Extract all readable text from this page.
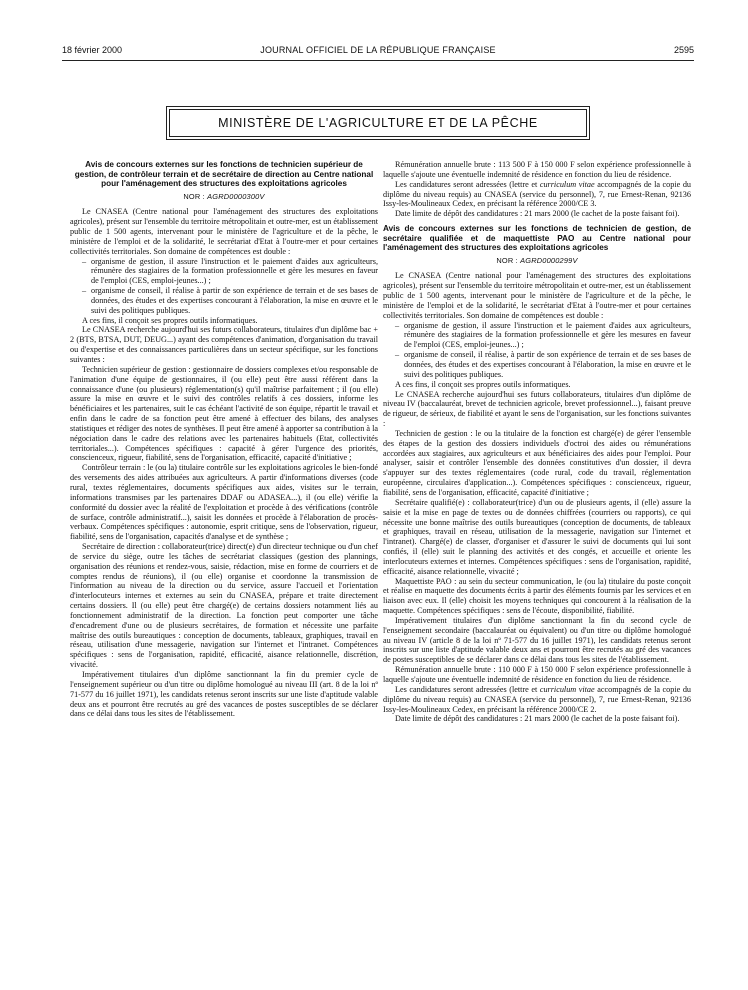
18 février 2000	JOURNAL OFFICIEL DE LA RÉPUBLIQUE FRANÇAISE	2595
MINISTÈRE DE L'AGRICULTURE ET DE LA PÊCHE
Avis de concours externes sur les fonctions de technicien supérieur de gestion, de contrôleur terrain et de secrétaire de direction au Centre national pour l'aménagement des structures des exploitations agricoles
NOR : AGRD0000300V

Le CNASEA (Centre national pour l'aménagement des structures des exploitations agricoles), présent sur l'ensemble du territoire métropolitain et outre-mer, est un établissement public de 1 500 agents, intervenant pour le ministère de l'agriculture et de la pêche, le ministère de l'emploi et de la solidarité, le secrétariat d'Etat à l'outre-mer et pour certaines collectivités territoriales. Son domaine de compétences est double :

– organisme de gestion, il assure l'instruction et le paiement d'aides aux agriculteurs, rémunère des stagiaires de la formation professionnelle et gère les mesures en faveur de l'emploi (CES, emploi-jeunes...) ;
– organisme de conseil, il réalise à partir de son expérience de terrain et de ses bases de données, des études et des expertises concourant à l'élaboration, la mise en œuvre et le suivi des politiques publiques.

A ces fins, il conçoit ses propres outils informatiques.

Le CNASEA recherche aujourd'hui ses futurs collaborateurs, titulaires d'un diplôme bac + 2 (BTS, BTSA, DUT, DEUG...) ayant des compétences d'animation, d'organisation du travail ou d'expertise et des connaissances particulières dans un secteur spécifique, sur les fonctions suivantes :

Technicien supérieur de gestion : gestionnaire de dossiers complexes et/ou responsable de l'animation d'une équipe de gestionnaires, il (ou elle) peut être aussi référent dans la connaissance d'une (ou plusieurs) réglementation(s) qu'il maîtrise parfaitement ; il (ou elle) assure la mise en œuvre et le suivi des contrôles relatifs à ces dossiers, informe les bénéficiaires et les partenaires, suit le cas échéant l'activité de son équipe, répartit le travail et enfin dans le cadre de sa fonction peut être amené à effectuer des bilans, des analyses statistiques et rédiger des notes de synthèses. Il peut être amené à apporter sa contribution à la négociation dans le cadre des relations avec les partenaires habituels (Etat, collectivités territoriales...). Compétences spécifiques : capacité à gérer l'urgence des priorités, conscienceux, rigueur, fiabilité, sens de l'organisation, efficacité, capacité d'initiative ;

Contrôleur terrain : le (ou la) titulaire contrôle sur les exploitations agricoles le bien-fondé des versements des aides attribuées aux agriculteurs. A partir d'informations diverses (code rural, textes réglementaires, documents spécifiques aux aides, visites sur le terrain, informations transmises par les partenaires DDAF ou ADASEA...), il (ou elle) vérifie la conformité du dossier avec la réalité de l'exploitation et procède à des vérifications (contrôle de surface, contrôle administratif...), saisit les données et procède à l'élaboration de procès-verbaux. Compétences spécifiques : autonomie, esprit critique, sens de l'observation, rigueur, fiabilité, sens de l'organisation, capacités d'analyse et de synthèse ;

Secrétaire de direction : collaborateur(trice) direct(e) d'un directeur technique ou d'un chef de service du siège, outre les tâches de secrétariat classiques (gestion des plannings, organisation des réunions et rendez-vous, saisie, rédaction, mise en forme de courriers et de comptes rendus de réunions), il (ou elle) organise et coordonne la transmission de l'information au niveau de la direction ou du service, assure l'accueil et l'orientation d'interlocuteurs internes et externes au sein du CNASEA, prépare et traite directement certains dossiers. Il (ou elle) peut être chargé(e) de certains dossiers notamment liés au fonctionnement administratif de la direction. La fonction peut comporter une tâche d'encadrement d'une ou de plusieurs secrétaires, de formation et nécessite une parfaite maîtrise des outils bureautiques : conception de documents, tableaux, graphiques, travail en réseau, utilisation d'une messagerie, navigation sur l'internet et l'intranet. Compétences spécifiques : sens de l'organisation, rapidité, efficacité, aisance relationnelle, discrétion, vivacité.

Impérativement titulaires d'un diplôme sanctionnant la fin du premier cycle de l'enseignement supérieur ou d'un titre ou diplôme homologué au niveau III (art. 8 de la loi nº 71-577 du 16 juillet 1971), les candidats retenus seront inscrits sur une liste d'aptitude valable deux ans et pourront être recrutés au gré des vacances de postes susceptibles de se déclarer dans ce délai dans tous les sites de l'établissement.

Rémunération annuelle brute : 113 500 F à 150 000 F selon expérience professionnelle à laquelle s'ajoute une éventuelle indemnité de résidence en fonction du lieu de résidence.

Les candidatures seront adressées (lettre et curriculum vitae accompagnés de la copie du diplôme du niveau requis) au CNASEA (service du personnel), 7, rue Ernest-Renan, 92136 Issy-les-Moulineaux Cedex, en précisant la référence 2000/CE 3.

Date limite de dépôt des candidatures : 21 mars 2000 (le cachet de la poste faisant foi).

Avis de concours externes sur les fonctions de technicien de gestion, de secrétaire qualifiée et de maquettiste PAO au Centre national pour l'aménagement des structures des exploitations agricoles
NOR : AGRD0000299V

Le CNASEA (Centre national pour l'aménagement des structures des exploitations agricoles), présent sur l'ensemble du territoire métropolitain et outre-mer, est un établissement public de 1 500 agents, intervenant pour le ministère de l'agriculture et de la pêche, le ministère de l'emploi et de la solidarité, le secrétariat d'Etat à l'outre-mer et pour certaines collectivités territoriales. Son domaine de compétences est double :

– organisme de gestion, il assure l'instruction et le paiement d'aides aux agriculteurs, rémunère des stagiaires de la formation professionnelle et gère les mesures en faveur de l'emploi (CES, emploi-jeunes...) ;
– organisme de conseil, il réalise, à partir de son expérience de terrain et de ses bases de données, des études et des expertises concourant à l'élaboration, la mise en œuvre et le suivi des politiques publiques.

A ces fins, il conçoit ses propres outils informatiques.

Le CNASEA recherche aujourd'hui ses futurs collaborateurs, titulaires d'un diplôme de niveau IV (baccalauréat, brevet de technicien agricole, brevet professionnel...), faisant preuve de rigueur, de sérieux, de fiabilité et ayant le sens de l'organisation, sur les fonctions suivantes :

Technicien de gestion : le ou la titulaire de la fonction est chargé(e) de gérer l'ensemble des étapes de la gestion des dossiers individuels d'octroi des aides ou rémunérations accordées aux stagiaires, aux agriculteurs et aux bénéficiaires des aides pour l'emploi. Pour analyser, saisir et contrôler l'ensemble des données constitutives d'un dossier, il devra s'appuyer sur des textes réglementaires (code rural, code du travail, réglementation européenne, circulaires d'application...). Compétences spécifiques : conscienceux, rigueur, fiabilité, sens de l'organisation, efficacité, capacité d'initiative ;

Secrétaire qualifié(e) : collaborateur(trice) d'un ou de plusieurs agents, il (elle) assure la saisie et la mise en page de textes ou de données chiffrées (courriers ou rapports), ce qui nécessite une bonne maîtrise des outils bureautiques (conception de documents, de tableaux et graphiques, travail en réseau, utilisation de la messagerie, navigation sur l'internet et l'intranet). Chargé(e) de classer, d'organiser et d'assurer le suivi de documents qui lui sont confiés, il (elle) suit le planning des activités et des congés, et accueille et oriente les interlocuteurs externes et internes. Compétences spécifiques : sens de l'organisation, rapidité, efficacité, aisance relationnelle, vivacité ;

Maquettiste PAO : au sein du secteur communication, le (ou la) titulaire du poste conçoit et réalise en maquette des documents écrits à partir des éléments fournis par les services et en liaison avec eux. Il (elle) choisit les moyens techniques qui concourent à la réalisation de la maquette. Compétences spécifiques : sens de l'écoute, disponibilité, fiabilité.

Impérativement titulaires d'un diplôme sanctionnant la fin du second cycle de l'enseignement secondaire (baccalauréat ou équivalent) ou d'un titre ou diplôme homologué au niveau IV (article 8 de la loi nº 71-577 du 16 juillet 1971), les candidats retenus seront inscrits sur une liste d'aptitude valable deux ans et pourront être recrutés au gré des vacances de postes susceptibles de se déclarer dans ce délai dans tous les sites de l'établissement.

Rémunération annuelle brute : 110 000 F à 150 000 F selon expérience professionnelle à laquelle s'ajoute une éventuelle indemnité de résidence en fonction du lieu de résidence.

Les candidatures seront adressées (lettre et curriculum vitae accompagnés de la copie du diplôme du niveau requis) au CNASEA (service du personnel), 7, rue Ernest-Renan, 92136 Issy-les-Moulineaux Cedex, en précisant la référence 2000/CE 2.

Date limite de dépôt des candidatures : 21 mars 2000 (le cachet de la poste faisant foi).
